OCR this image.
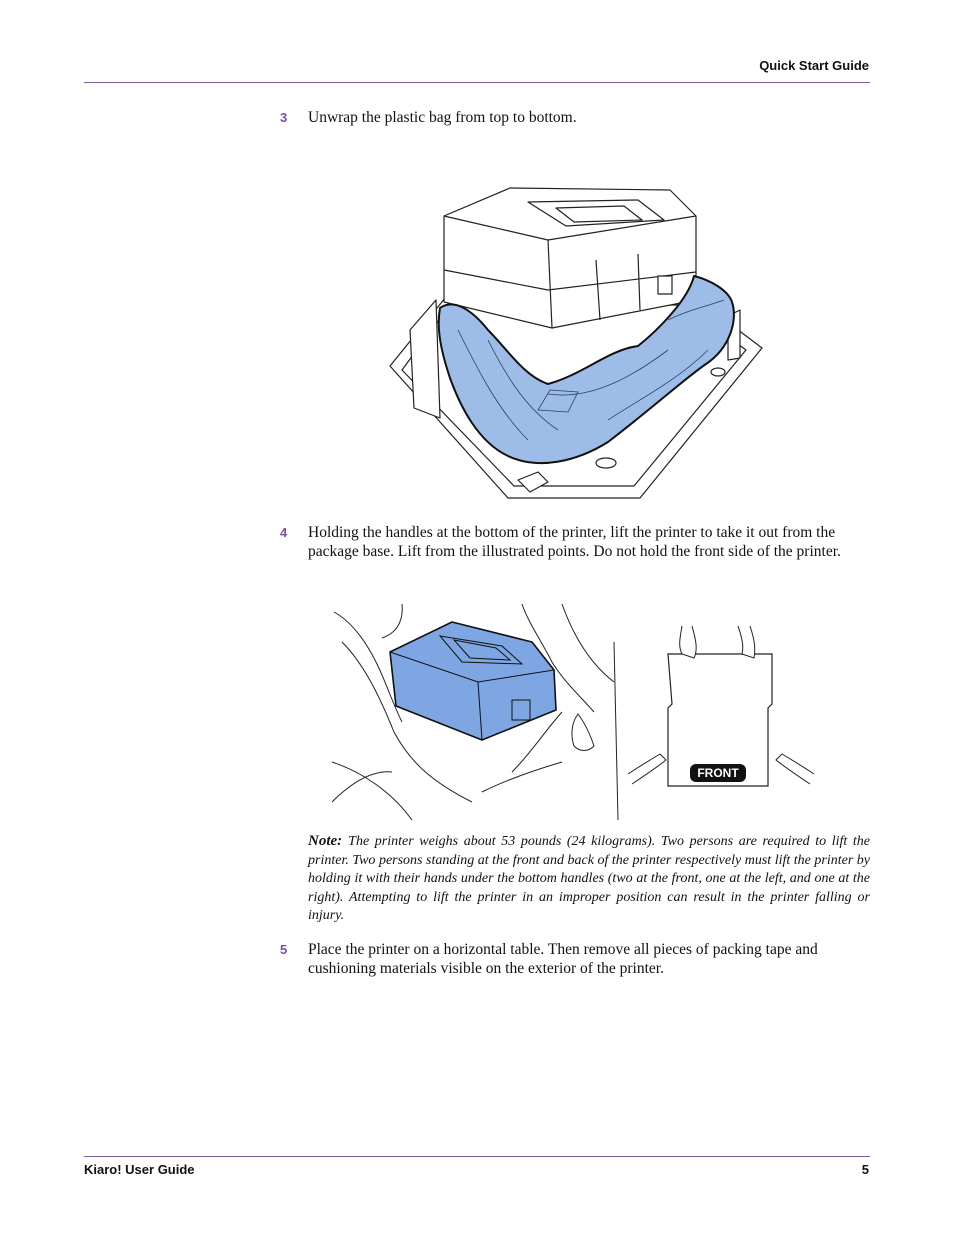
Quick Start Guide
3 Unwrap the plastic bag from top to bottom.
4 Holding the handles at the bottom of the printer, lift the printer to take it out from the package base. Lift from the illustrated points. Do not hold the front side of the printer.
FRONT
Note: The printer weighs about 53 pounds (24 kilograms). Two persons are required to lift the printer. Two persons standing at the front and back of the printer respectively must lift the printer by holding it with their hands under the bottom handles (two at the front, one at the left, and one at the right). Attempting to lift the printer in an improper position can result in the printer falling or injury.
5 Place the printer on a horizontal table. Then remove all pieces of packing tape and cushioning materials visible on the exterior of the printer.
Kiaro! User Guide	5
